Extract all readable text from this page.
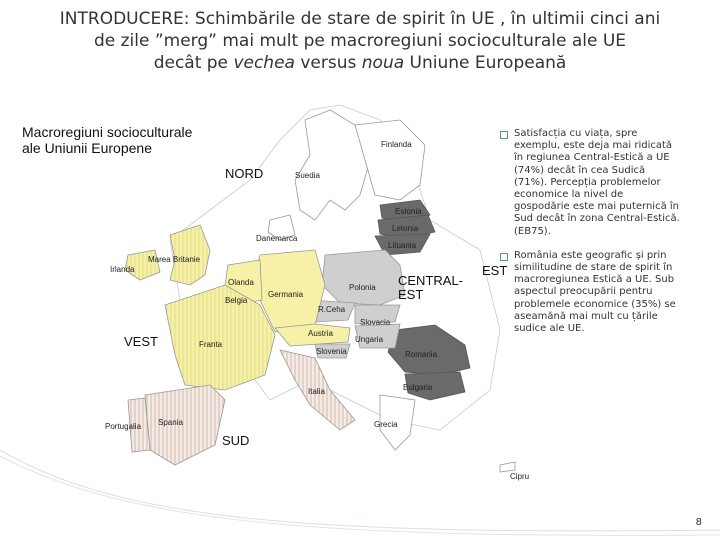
INTRODUCERE: Schimbările de stare de spirit în UE , în ultimii cinci ani
de zile ”merg” mai mult pe macroregiuni socioculturale ale UE
decât pe vechea versus noua Uniune Europeană
Macroregiuni socioculturale
ale Uniunii Europene
NORD
VEST
SUD
CENTRAL-
EST
EST
Finlanda
Suedia
Estonia
Letonia
Lituania
Danemarca
Marea Britanie
Irlanda
Olanda
Belgia
Germania
Polonia
Franta
R.Ceha
Slovacia
Austria
Ungaria
Slovenia	Romania
Bulgaria
Italia
Portugalia Spania	Grecia
Cipru

Satisfacția cu viața, spre exemplu, este deja mai ridicată în regiunea Central-Estică a UE (74%) decât în cea Sudică (71%). Percepția problemelor economice la nivel de gospodărie este mai puternică în Sud decât în zona Central-Estică. (EB75).

România este geografic și prin similitudine de stare de spirit în macroregiunea Estică a UE. Sub aspectul preocupării pentru problemele economice (35%) se aseamănă mai mult cu țările sudice ale UE.

8
